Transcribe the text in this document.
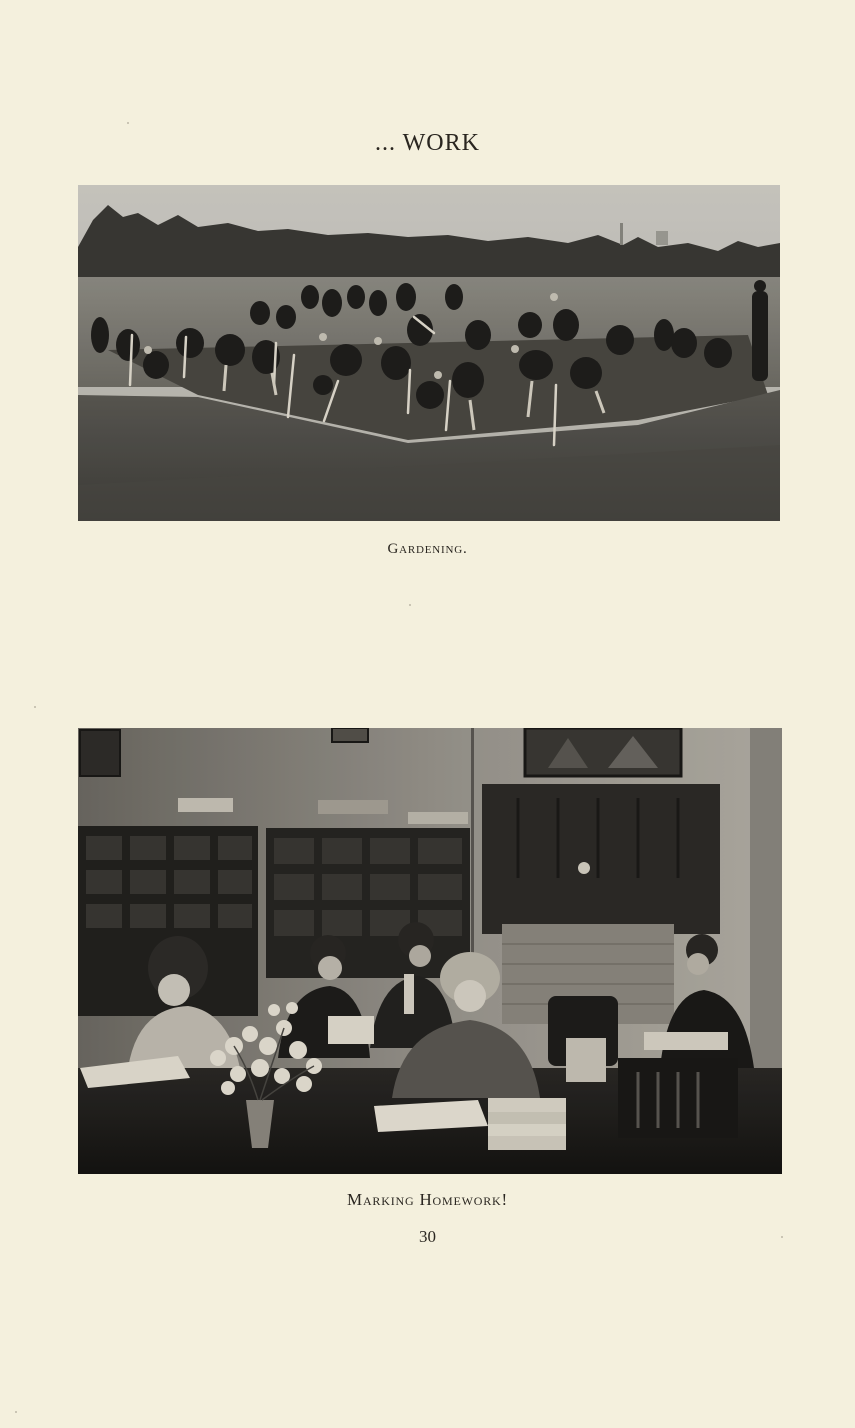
... WORK
Gardening.
Marking Homework!
30
